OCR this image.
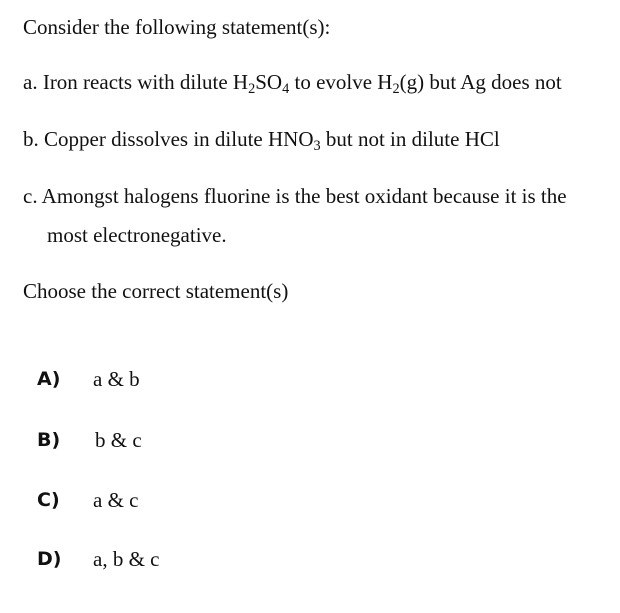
Consider the following statement(s):
a. Iron reacts with dilute H2SO4 to evolve H2(g) but Ag does not
b. Copper dissolves in dilute HNO3 but not in dilute HCl
c. Amongst halogens fluorine is the best oxidant because it is the
most electronegative.
Choose the correct statement(s)
A)	a & b
B)	b & c
C)	a & c
D)	a, b & c
